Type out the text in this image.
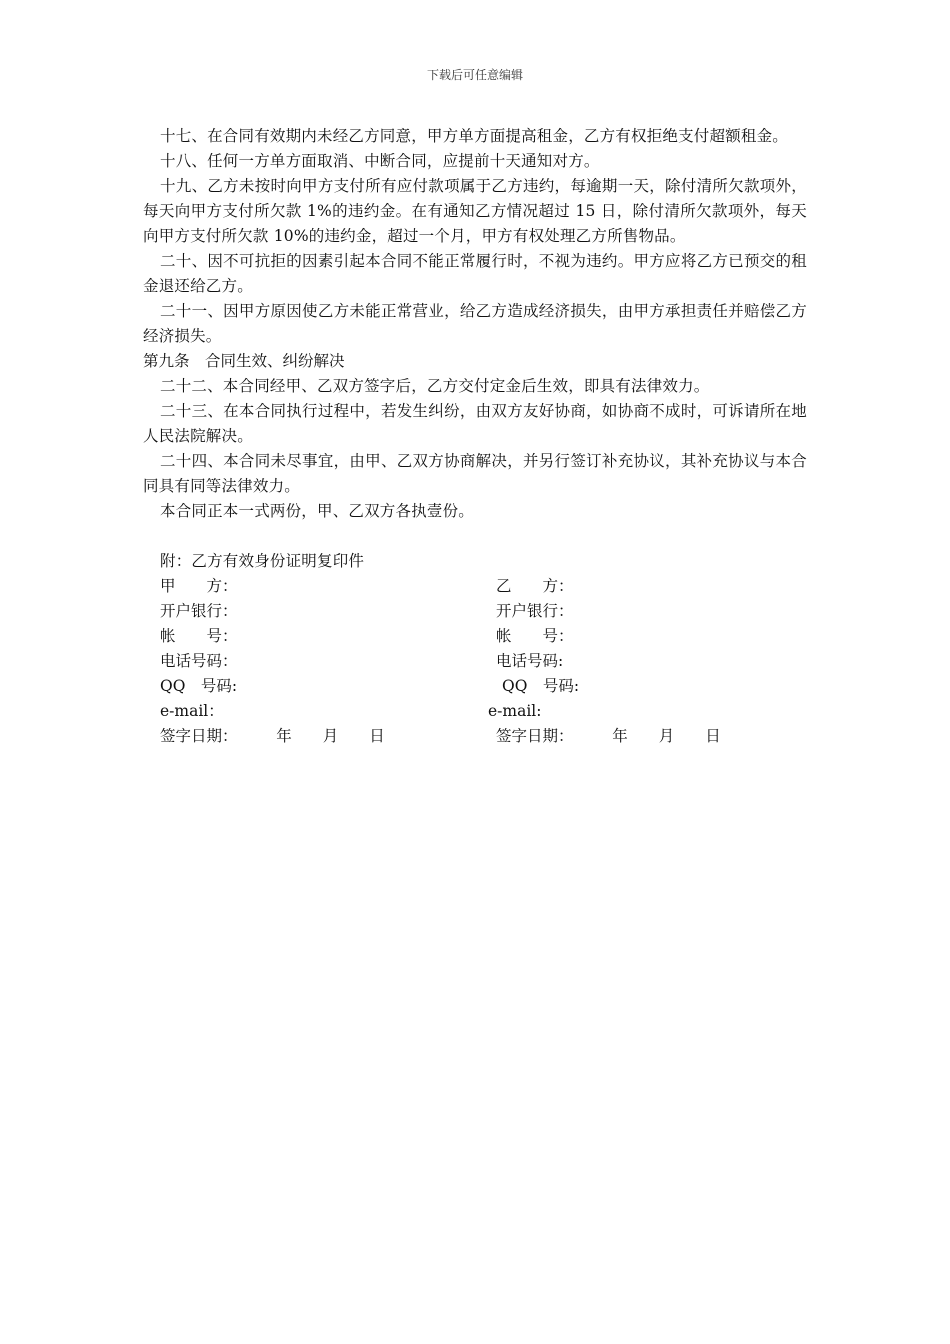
下载后可任意编辑

十七、在合同有效期内未经乙方同意，甲方单方面提高租金，乙方有权拒绝支付超额租金。

十八、任何一方单方面取消、中断合同，应提前十天通知对方。

十九、乙方未按时向甲方支付所有应付款项属于乙方违约，每逾期一天，除付清所欠款项外，每天向甲方支付所欠款 1%的违约金。在有通知乙方情况超过 15 日，除付清所欠款项外，每天向甲方支付所欠款 10%的违约金，超过一个月，甲方有权处理乙方所售物品。

二十、因不可抗拒的因素引起本合同不能正常履行时，不视为违约。甲方应将乙方已预交的租金退还给乙方。

二十一、因甲方原因使乙方未能正常营业，给乙方造成经济损失，由甲方承担责任并赔偿乙方经济损失。

第九条　合同生效、纠纷解决

二十二、本合同经甲、乙双方签字后，乙方交付定金后生效，即具有法律效力。

二十三、在本合同执行过程中，若发生纠纷，由双方友好协商，如协商不成时，可诉请所在地人民法院解决。

二十四、本合同未尽事宜，由甲、乙双方协商解决，并另行签订补充协议，其补充协议与本合同具有同等法律效力。

本合同正本一式两份，甲、乙双方各执壹份。

附：乙方有效身份证明复印件

甲　　方：	乙　　方：
开户银行：	开户银行：
帐　　号：	帐　　号：
电话号码：	电话号码:
QQ　号码:	QQ　号码:
e-mail：	e-mail:
签字日期：　　　年　　月　　日	签字日期：　　　年　　月　　日
